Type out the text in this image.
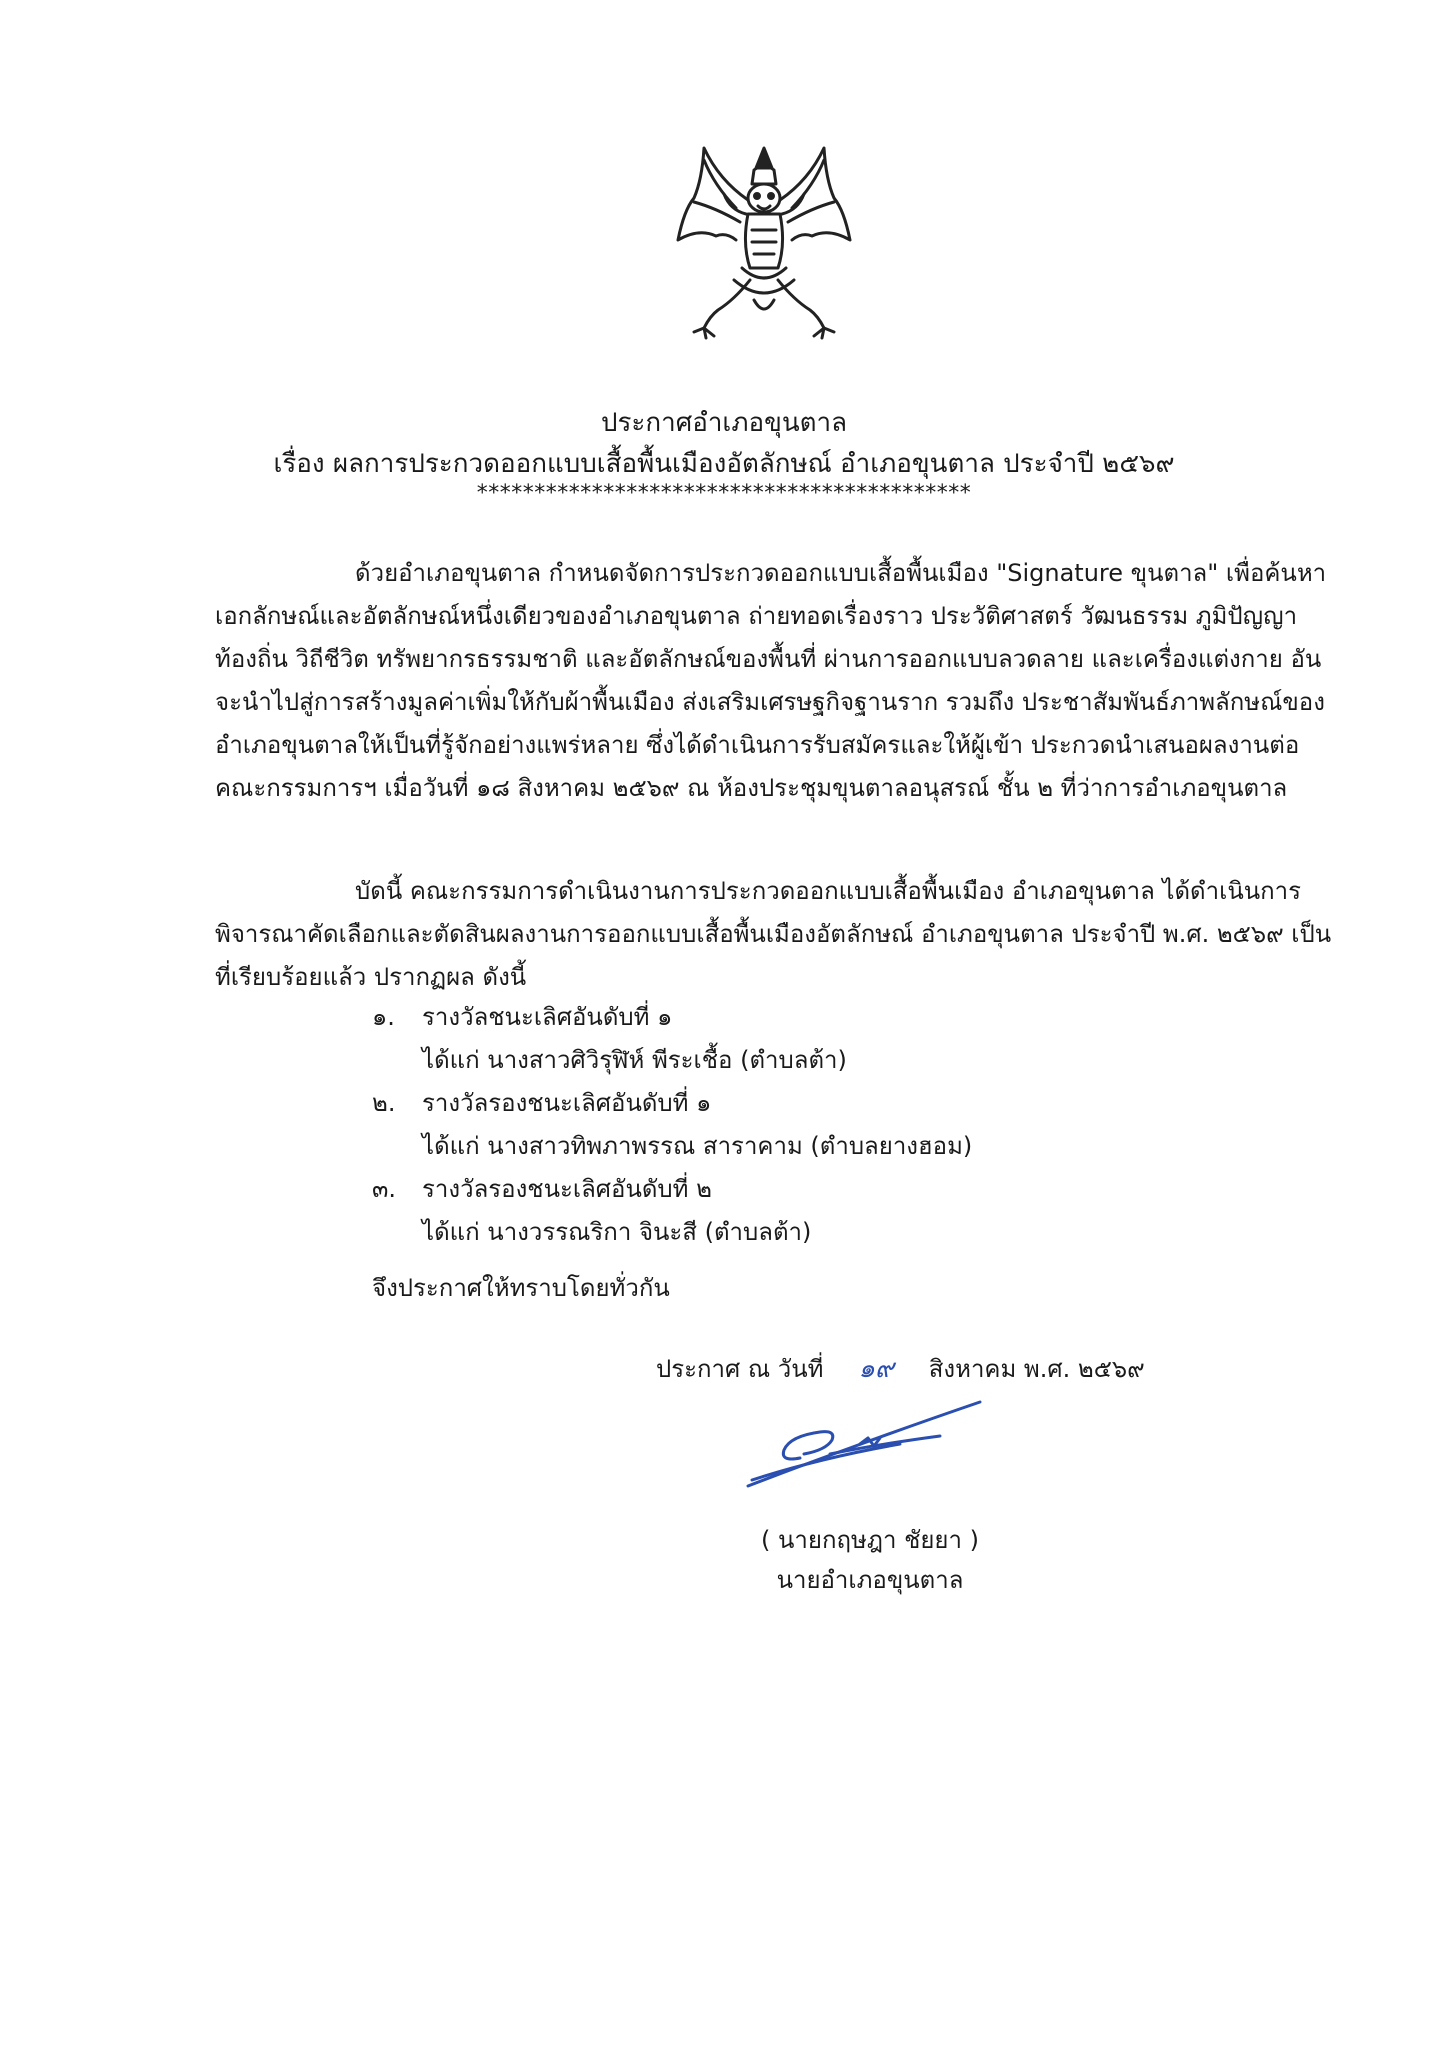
ประกาศอำเภอขุนตาล
เรื่อง ผลการประกวดออกแบบเสื้อพื้นเมืองอัตลักษณ์ อำเภอขุนตาล ประจำปี ๒๕๖๙
*******************************************

ด้วยอำเภอขุนตาล กำหนดจัดการประกวดออกแบบเสื้อพื้นเมือง "Signature ขุนตาล" เพื่อค้นหาเอกลักษณ์และอัตลักษณ์หนึ่งเดียวของอำเภอขุนตาล ถ่ายทอดเรื่องราว ประวัติศาสตร์ วัฒนธรรม ภูมิปัญญาท้องถิ่น วิถีชีวิต ทรัพยากรธรรมชาติ และอัตลักษณ์ของพื้นที่ ผ่านการออกแบบลวดลาย และเครื่องแต่งกาย อันจะนำไปสู่การสร้างมูลค่าเพิ่มให้กับผ้าพื้นเมือง ส่งเสริมเศรษฐกิจฐานราก รวมถึง ประชาสัมพันธ์ภาพลักษณ์ของอำเภอขุนตาลให้เป็นที่รู้จักอย่างแพร่หลาย ซึ่งได้ดำเนินการรับสมัครและให้ผู้เข้า ประกวดนำเสนอผลงานต่อคณะกรรมการฯ เมื่อวันที่ ๑๘ สิงหาคม ๒๕๖๙ ณ ห้องประชุมขุนตาลอนุสรณ์ ชั้น ๒ ที่ว่าการอำเภอขุนตาล

บัดนี้ คณะกรรมการดำเนินงานการประกวดออกแบบเสื้อพื้นเมือง อำเภอขุนตาล ได้ดำเนินการพิจารณาคัดเลือกและตัดสินผลงานการออกแบบเสื้อพื้นเมืองอัตลักษณ์ อำเภอขุนตาล ประจำปี พ.ศ. ๒๕๖๙ เป็นที่เรียบร้อยแล้ว ปรากฏผล ดังนี้

๑. รางวัลชนะเลิศอันดับที่ ๑
ได้แก่ นางสาวศิวิรุฬิห์ พีระเชื้อ (ตำบลต้า)
๒. รางวัลรองชนะเลิศอันดับที่ ๑
ได้แก่ นางสาวทิพภาพรรณ สาราคาม (ตำบลยางฮอม)
๓. รางวัลรองชนะเลิศอันดับที่ ๒
ได้แก่ นางวรรณริกา จินะสี (ตำบลต้า)
จึงประกาศให้ทราบโดยทั่วกัน
ประกาศ ณ วันที่ ๑๙ สิงหาคม พ.ศ. ๒๕๖๙
( นายกฤษฎา ชัยยา )
นายอำเภอขุนตาล
